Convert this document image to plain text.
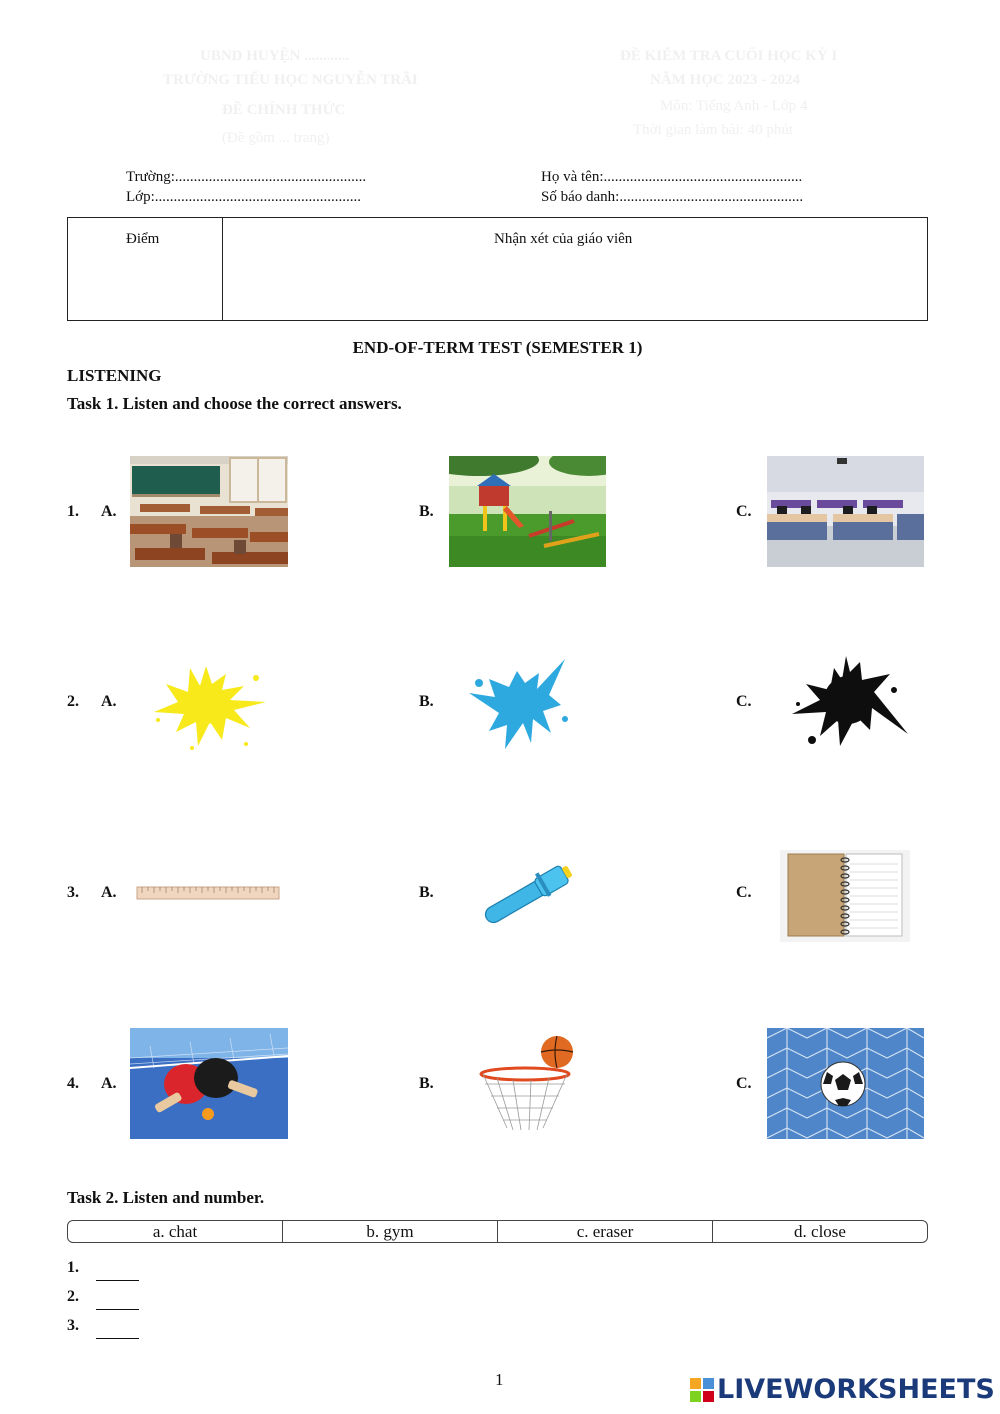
UBND HUYỆN ............
TRƯỜNG TIỂU HỌC NGUYỄN TRÃI
ĐỀ CHÍNH THỨC
(Đề gồm ... trang)
ĐỀ KIỂM TRA CUỐI HỌC KỲ I
NĂM HỌC 2023 - 2024
Môn: Tiếng Anh - Lớp 4
Thời gian làm bài: 40 phút
Trường:...................................................
Lớp:.......................................................
Họ và tên:.....................................................
Số báo danh:.................................................
Điểm	Nhận xét của giáo viên
END-OF-TERM TEST (SEMESTER 1)
LISTENING
Task 1. Listen and choose the correct answers.
1. A.	B.	C.
2. A.	B.	C.
3. A.	B.	C.
4. A.	B.	C.
Task 2. Listen and number.
a. chat	b. gym	c. eraser	d. close
1.
2.
3.
1	LIVEWORKSHEETS
